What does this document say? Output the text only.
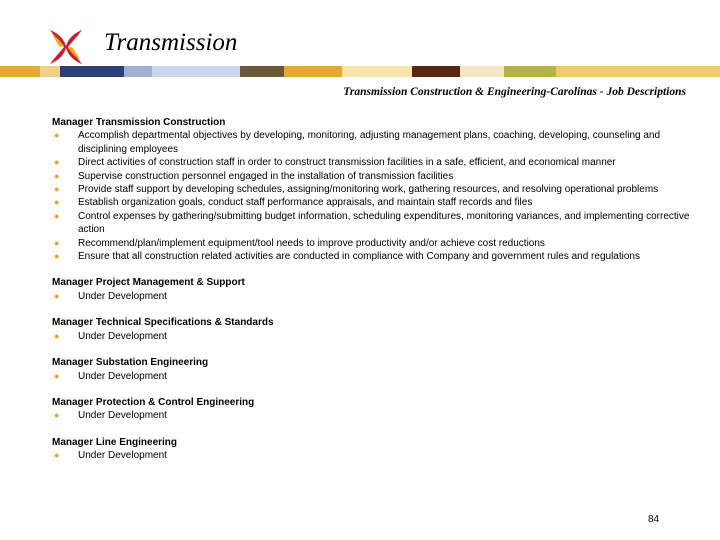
Transmission

Transmission Construction & Engineering-Carolinas - Job Descriptions

Manager Transmission Construction
● Accomplish departmental objectives by developing, monitoring, adjusting management plans, coaching, developing, counseling and disciplining employees
● Direct activities of construction staff in order to construct transmission facilities in a safe, efficient, and economical manner
● Supervise construction personnel engaged in the installation of transmission facilities
● Provide staff support by developing schedules, assigning/monitoring work, gathering resources, and resolving operational problems
● Establish organization goals, conduct staff performance appraisals, and maintain staff records and files
● Control expenses by gathering/submitting budget information, scheduling expenditures, monitoring variances, and implementing corrective action
● Recommend/plan/implement equipment/tool needs to improve productivity and/or achieve cost reductions
● Ensure that all construction related activities are conducted in compliance with Company and government rules and regulations
Manager Project Management & Support
● Under Development
Manager Technical Specifications & Standards
● Under Development
Manager Substation Engineering
● Under Development
Manager Protection & Control Engineering
● Under Development
Manager Line Engineering
● Under Development
84
